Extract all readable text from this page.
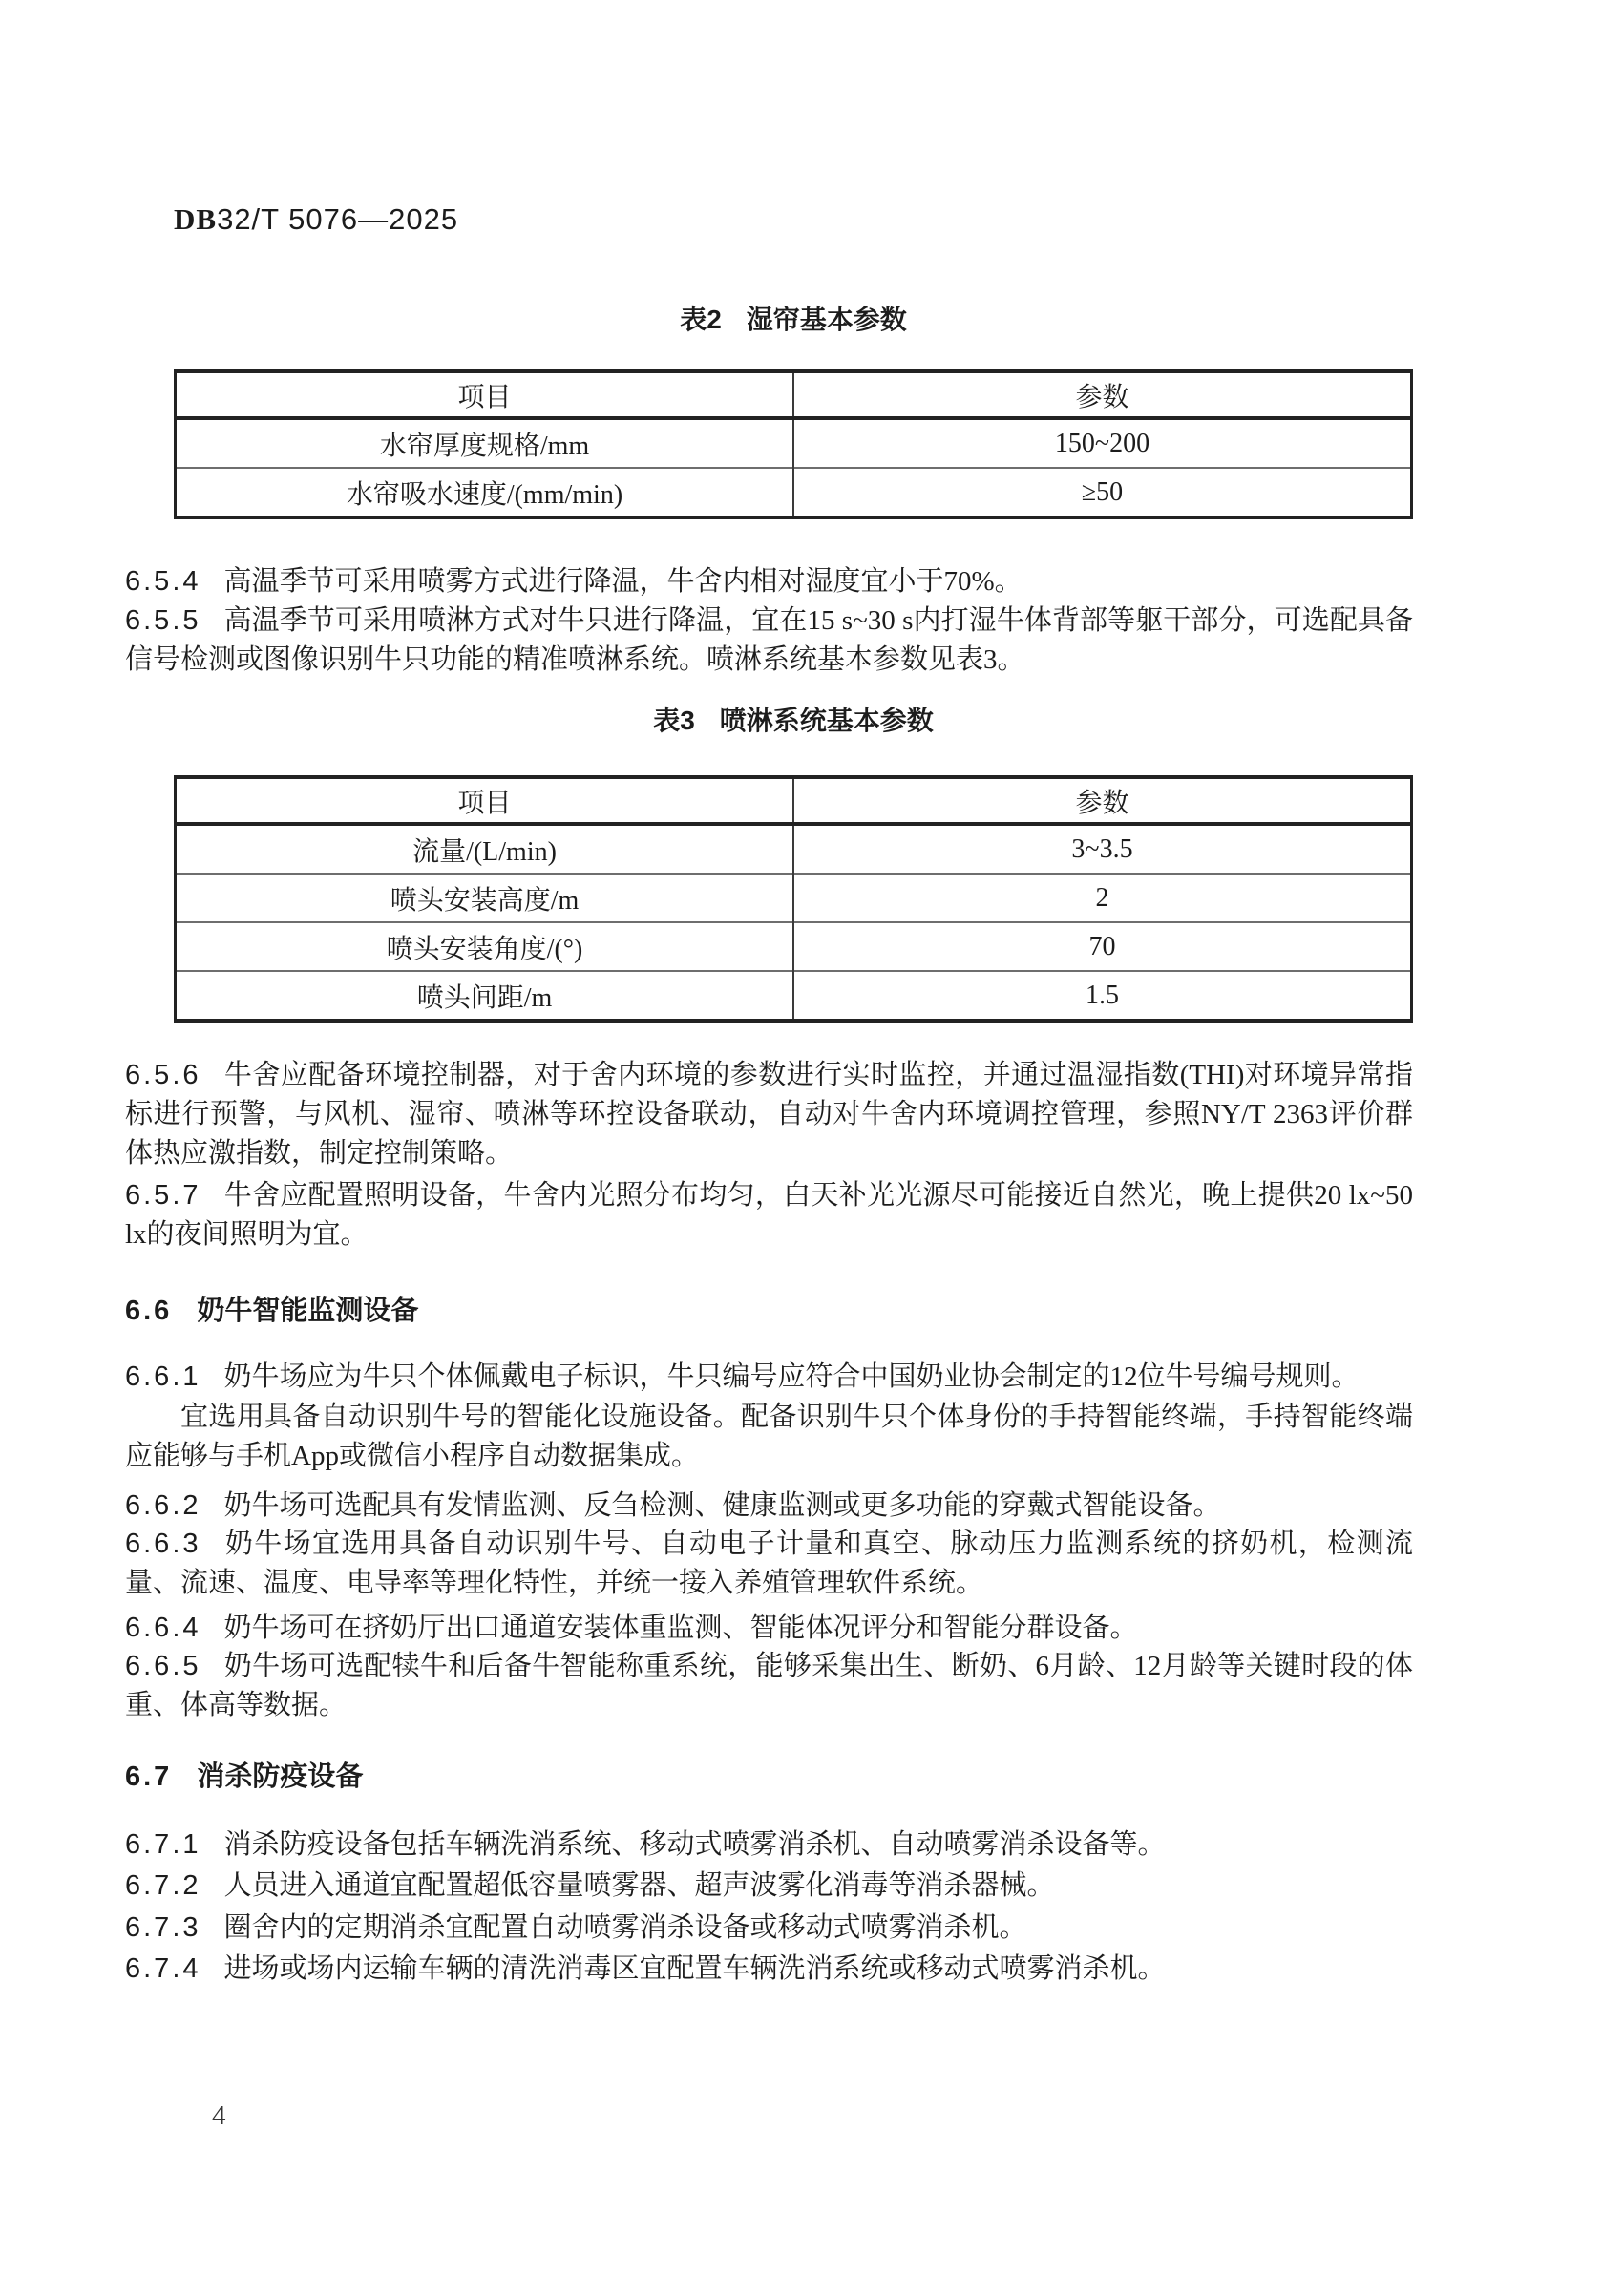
DB32/T 5076—2025
表2 湿帘基本参数
项目	参数
水帘厚度规格/mm	150~200
水帘吸水速度/(mm/min)	≥50

6.5.4 高温季节可采用喷雾方式进行降温，牛舍内相对湿度宜小于70%。

6.5.5 高温季节可采用喷淋方式对牛只进行降温，宜在15 s~30 s内打湿牛体背部等躯干部分，可选配具备信号检测或图像识别牛只功能的精准喷淋系统。喷淋系统基本参数见表3。

表3 喷淋系统基本参数
项目	参数
流量/(L/min)	3~3.5
喷头安装高度/m	2
喷头安装角度/(°)	70
喷头间距/m	1.5

6.5.6 牛舍应配备环境控制器，对于舍内环境的参数进行实时监控，并通过温湿指数(THI)对环境异常指标进行预警，与风机、湿帘、喷淋等环控设备联动，自动对牛舍内环境调控管理，参照NY/T 2363评价群体热应激指数，制定控制策略。

6.5.7 牛舍应配置照明设备，牛舍内光照分布均匀，白天补光光源尽可能接近自然光，晚上提供20 lx~50 lx的夜间照明为宜。

6.6 奶牛智能监测设备

6.6.1 奶牛场应为牛只个体佩戴电子标识，牛只编号应符合中国奶业协会制定的12位牛号编号规则。

宜选用具备自动识别牛号的智能化设施设备。配备识别牛只个体身份的手持智能终端，手持智能终端应能够与手机App或微信小程序自动数据集成。

6.6.2 奶牛场可选配具有发情监测、反刍检测、健康监测或更多功能的穿戴式智能设备。

6.6.3 奶牛场宜选用具备自动识别牛号、自动电子计量和真空、脉动压力监测系统的挤奶机，检测流量、流速、温度、电导率等理化特性，并统一接入养殖管理软件系统。

6.6.4 奶牛场可在挤奶厅出口通道安装体重监测、智能体况评分和智能分群设备。

6.6.5 奶牛场可选配犊牛和后备牛智能称重系统，能够采集出生、断奶、6月龄、12月龄等关键时段的体重、体高等数据。

6.7 消杀防疫设备

6.7.1 消杀防疫设备包括车辆洗消系统、移动式喷雾消杀机、自动喷雾消杀设备等。

6.7.2 人员进入通道宜配置超低容量喷雾器、超声波雾化消毒等消杀器械。

6.7.3 圈舍内的定期消杀宜配置自动喷雾消杀设备或移动式喷雾消杀机。

6.7.4 进场或场内运输车辆的清洗消毒区宜配置车辆洗消系统或移动式喷雾消杀机。

4
